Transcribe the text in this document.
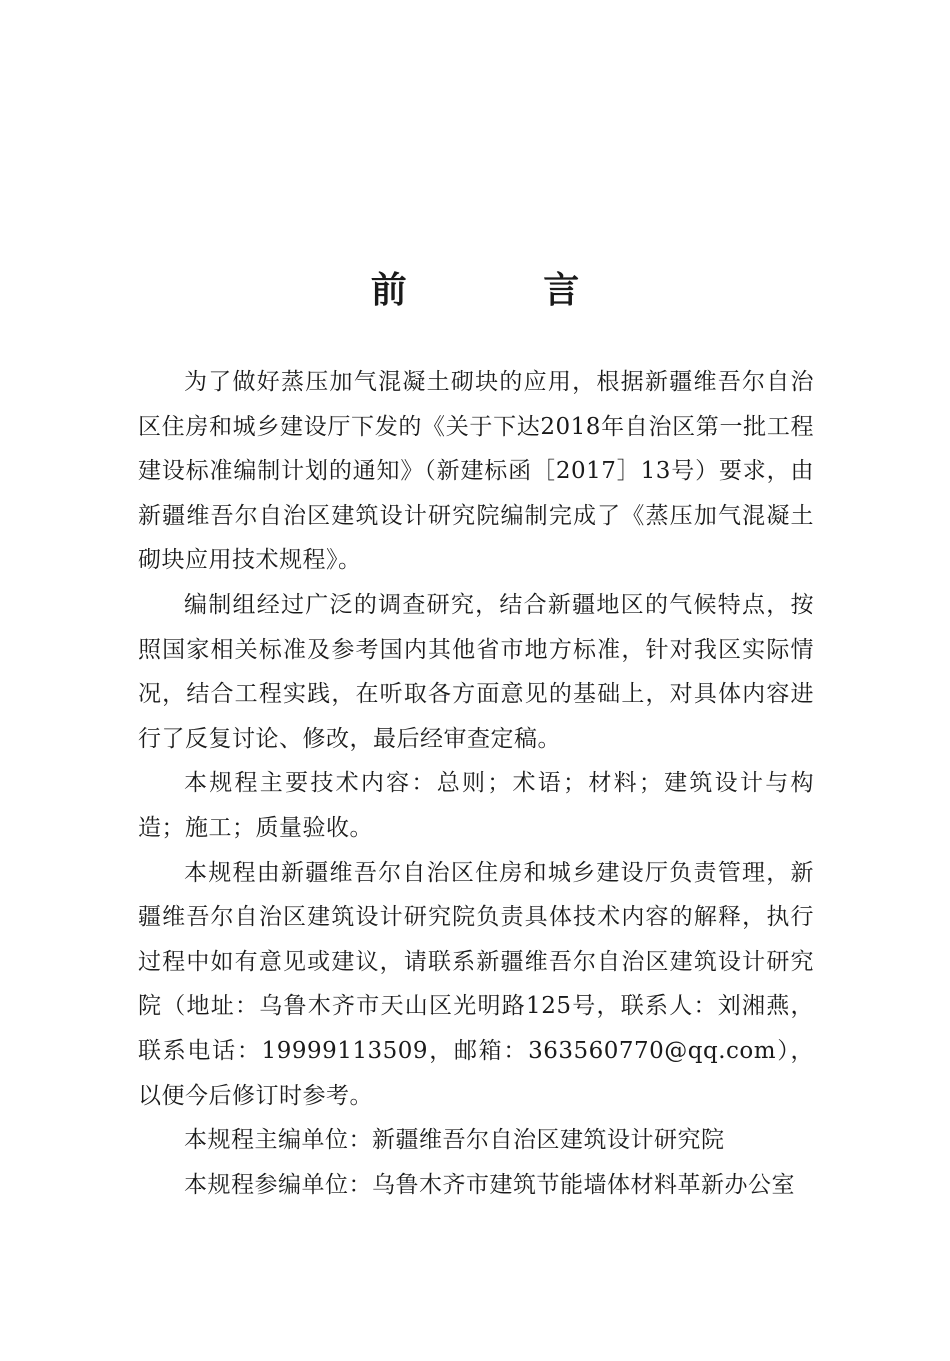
前 言

为了做好蒸压加气混凝土砌块的应用，根据新疆维吾尔自治区住房和城乡建设厅下发的《关于下达2018年自治区第一批工程建设标准编制计划的通知》（新建标函［2017］13号）要求，由新疆维吾尔自治区建筑设计研究院编制完成了《蒸压加气混凝土砌块应用技术规程》。

编制组经过广泛的调查研究，结合新疆地区的气候特点，按照国家相关标准及参考国内其他省市地方标准，针对我区实际情况，结合工程实践，在听取各方面意见的基础上，对具体内容进行了反复讨论、修改，最后经审查定稿。

本规程主要技术内容：总则；术语；材料；建筑设计与构造；施工；质量验收。

本规程由新疆维吾尔自治区住房和城乡建设厅负责管理，新疆维吾尔自治区建筑设计研究院负责具体技术内容的解释，执行过程中如有意见或建议，请联系新疆维吾尔自治区建筑设计研究院（地址：乌鲁木齐市天山区光明路125号，联系人：刘湘燕，联系电话：19999113509，邮箱：363560770@qq.com），以便今后修订时参考。

本规程主编单位：新疆维吾尔自治区建筑设计研究院

本规程参编单位：乌鲁木齐市建筑节能墙体材料革新办公室
